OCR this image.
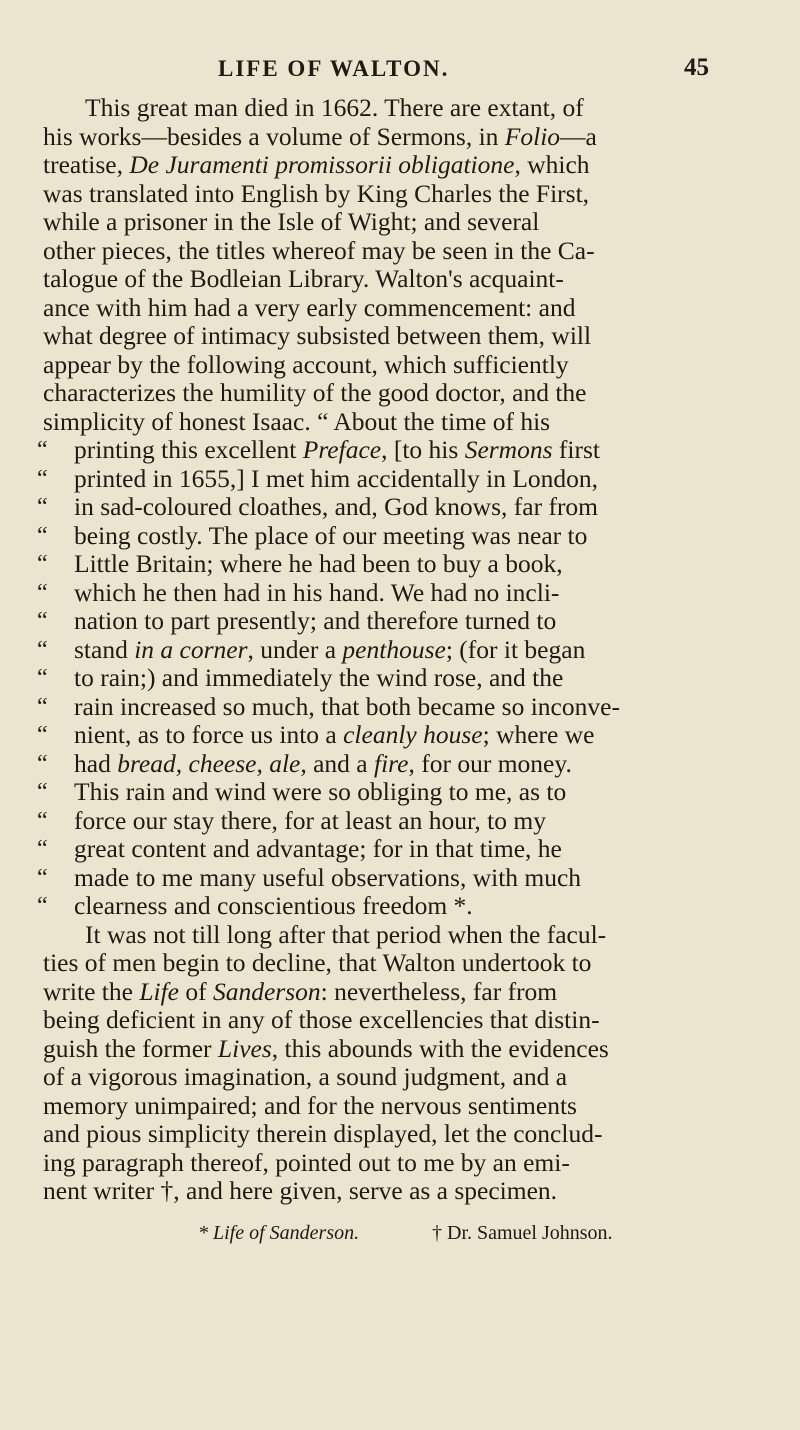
LIFE OF WALTON.	45
This great man died in 1662. There are extant, of
his works—besides a volume of Sermons, in Folio—a
treatise, De Juramenti promissorii obligatione, which
was translated into English by King Charles the First,
while a prisoner in the Isle of Wight; and several
other pieces, the titles whereof may be seen in the Ca-
talogue of the Bodleian Library. Walton's acquaint-
ance with him had a very early commencement: and
what degree of intimacy subsisted between them, will
appear by the following account, which sufficiently
characterizes the humility of the good doctor, and the
simplicity of honest Isaac. “ About the time of his
“	printing this excellent Preface, [to his Sermons first
“	printed in 1655,] I met him accidentally in London,
“	in sad-coloured cloathes, and, God knows, far from
“	being costly. The place of our meeting was near to
“	Little Britain; where he had been to buy a book,
“	which he then had in his hand. We had no incli-
“	nation to part presently; and therefore turned to
“	stand in a corner, under a penthouse; (for it began
“	to rain;) and immediately the wind rose, and the
“	rain increased so much, that both became so inconve-
“	nient, as to force us into a cleanly house; where we
“	had bread, cheese, ale, and a fire, for our money.
“	This rain and wind were so obliging to me, as to
“	force our stay there, for at least an hour, to my
“	great content and advantage; for in that time, he
“	made to me many useful observations, with much
“	clearness and conscientious freedom *.
It was not till long after that period when the facul-
ties of men begin to decline, that Walton undertook to
write the Life of Sanderson: nevertheless, far from
being deficient in any of those excellencies that distin-
guish the former Lives, this abounds with the evidences
of a vigorous imagination, a sound judgment, and a
memory unimpaired; and for the nervous sentiments
and pious simplicity therein displayed, let the conclud-
ing paragraph thereof, pointed out to me by an emi-
nent writer †, and here given, serve as a specimen.
* Life of Sanderson.	† Dr. Samuel Johnson.
